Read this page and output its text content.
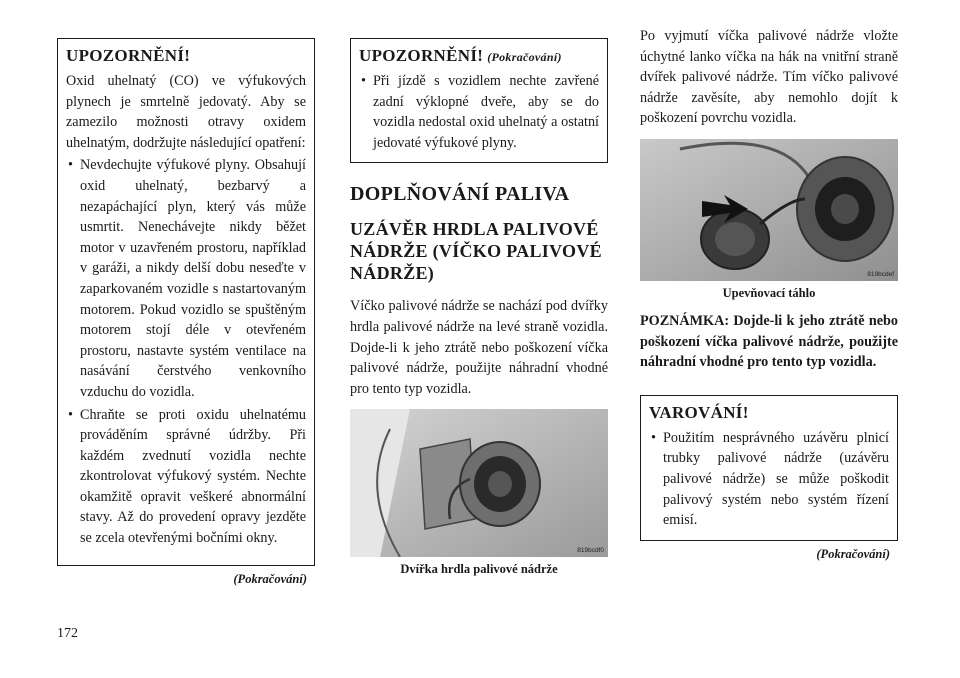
UPOZORNĚNÍ!

Oxid uhelnatý (CO) ve výfukových plynech je smrtelně jedovatý. Aby se zamezilo možnosti otravy oxidem uhelnatým, dodržujte následující opatření:

• Nevdechujte výfukové plyny. Obsahují oxid uhelnatý, bezbarvý a nezapáchající plyn, který vás může usmrtit. Nenechávejte nikdy běžet motor v uzavřeném prostoru, například v garáži, a nikdy delší dobu neseďte v zaparkovaném vozidle s nastartovaným motorem. Pokud vozidlo se spuštěným motorem stojí déle v otevřeném prostoru, nastavte systém ventilace na nasávání čerstvého venkovního vzduchu do vozidla.
• Chraňte se proti oxidu uhelnatému prováděním správné údržby. Při každém zvednutí vozidla nechte zkontrolovat výfukový systém. Nechte okamžitě opravit veškeré abnormální stavy. Až do provedení opravy jezděte se zcela otevřenými bočními okny.
(Pokračování)
UPOZORNĚNÍ! (Pokračování)
• Při jízdě s vozidlem nechte zavřené zadní výklopné dveře, aby se do vozidla nedostal oxid uhelnatý a ostatní jedovaté výfukové plyny.
DOPLŇOVÁNÍ PALIVA
UZÁVĚR HRDLA PALIVOVÉ NÁDRŽE (VÍČKO PALIVOVÉ NÁDRŽE)

Víčko palivové nádrže se nachází pod dvířky hrdla palivové nádrže na levé straně vozidla. Dojde-li k jeho ztrátě nebo poškození víčka palivové nádrže, použijte náhradní vhodné pro tento typ vozidla.

819bcdf0
Dvířka hrdla palivové nádrže

Po vyjmutí víčka palivové nádrže vložte úchytné lanko víčka na hák na vnitřní straně dvířek palivové nádrže. Tím víčko palivové nádrže zavěsíte, aby nemohlo dojít k poškození povrchu vozidla.

819bcdef
Upevňovací táhlo

POZNÁMKA: Dojde-li k jeho ztrátě nebo poškození víčka palivové nádrže, použijte náhradní vhodné pro tento typ vozidla.

VAROVÁNÍ!
• Použitím nesprávného uzávěru plnicí trubky palivové nádrže (uzávěru palivové nádrže) se může poškodit palivový systém nebo systém řízení emisí.
(Pokračování)
172
